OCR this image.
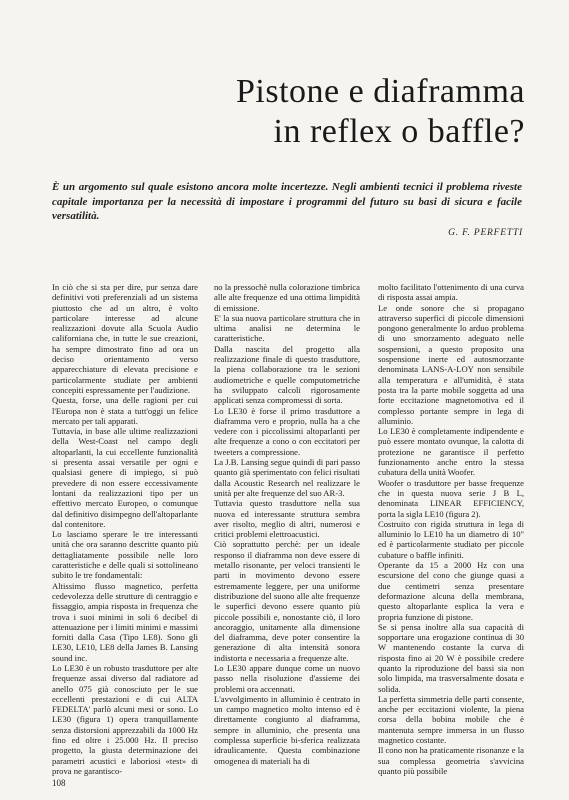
Pistone e diaframma
in reflex o baffle?

È un argomento sul quale esistono ancora molte incertezze. Negli ambienti tecnici il problema riveste capitale importanza per la necessità di impostare i programmi del futuro su basi di sicura e facile versatilità.

G. F. PERFETTI

In ciò che si sta per dire, pur senza dare definitivi voti preferenziali ad un sistema piuttosto che ad un altro, è volto particolare interesse ad alcune realizzazioni dovute alla Scuola Audio californiana che, in tutte le sue creazioni, ha sempre dimostrato fino ad ora un deciso orientamento verso apparecchiature di elevata precisione e particolarmente studiate per ambienti concepiti espressamente per l'audizione.

Questa, forse, una delle ragioni per cui l'Europa non è stata a tutt'oggi un felice mercato per tali apparati.

Tuttavia, in base alle ultime realizzazioni della West-Coast nel campo degli altoparlanti, la cui eccellente funzionalità si presenta assai versatile per ogni e qualsiasi genere di impiego, si può prevedere di non essere eccessivamente lontani da realizzazioni tipo per un effettivo mercato Europeo, o comunque dal definitivo disimpegno dell'altoparlante dal contenitore.

Lo lasciamo sperare le tre interessanti unità che ora saranno descritte quanto più dettagliatamente possibile nelle loro caratteristiche e delle quali si sottolineano subito le tre fondamentali:

Altissimo flusso magnetico, perfetta cedevolezza delle strutture di centraggio e fissaggio, ampia risposta in frequenza che trova i suoi minimi in soli 6 decibel di attenuazione per i limiti minimi e massimi forniti dalla Casa (Tipo LE8). Sono gli LE30, LE10, LE8 della James B. Lansing sound inc.

Lo LE30 è un robusto trasduttore per alte frequenze assai diverso dal radiatore ad anello 075 già conosciuto per le sue eccellenti prestazioni e di cui ALTA FEDELTA' parlò alcuni mesi or sono. Lo LE30 (figura 1) opera tranquillamente senza distorsioni apprezzabili da 1000 Hz fino ed oltre i 25.000 Hz. Il preciso progetto, la giusta determinazione dei parametri acustici e laboriosi «test» di prova ne garantisco-

no la pressochè nulla colorazione timbrica alle alte frequenze ed una ottima limpidità di emissione.

E' la sua nuova particolare struttura che in ultima analisi ne determina le caratteristiche.

Dalla nascita del progetto alla realizzazione finale di questo trasduttore, la piena collaborazione tra le sezioni audiometriche e quelle computometriche ha sviluppato calcoli rigorosamente applicati senza compromessi di sorta.

Lo LE30 è forse il primo trasduttore a diaframma vero e proprio, nulla ha a che vedere con i piccolissimi altoparlanti per alte frequenze a cono o con eccitatori per tweeters a compressione.

La J.B. Lansing segue quindi di pari passo quanto già sperimentato con felici risultati dalla Acoustic Research nel realizzare le unità per alte frequenze del suo AR-3.

Tuttavia questo trasduttore nella sua nuova ed interessante struttura sembra aver risolto, meglio di altri, numerosi e critici problemi elettroacustici.

Ciò soprattutto perchè: per un ideale responso il diaframma non deve essere di metallo risonante, per veloci transienti le parti in movimento devono essere estremamente leggere, per una uniforme distribuzione del suono alle alte frequenze le superfici devono essere quanto più piccole possibili e, nonostante ciò, il loro ancoraggio, unitamente alla dimensione del diaframma, deve poter consentire la generazione di alta intensità sonora indistorta e necessaria a frequenze alte.

Lo LE30 appare dunque come un nuovo passo nella risoluzione d'assieme dei problemi ora accennati.

L'avvolgimento in alluminio è centrato in un campo magnetico molto intenso ed è direttamente congiunto al diaframma, sempre in alluminio, che presenta una complessa superficie bi-sferica realizzata idraulicamente. Questa combinazione omogenea di materiali ha di

molto facilitato l'ottenimento di una curva di risposta assai ampia.

Le onde sonore che si propagano attraverso superfici di piccole dimensioni pongono generalmente lo arduo problema di uno smorzamento adeguato nelle sospensioni, a questo proposito una sospensione inerte ed autosmorzante denominata LANS-A-LOY non sensibile alla temperatura e all'umidità, è stata posta tra la parte mobile soggetta ad una forte eccitazione magnetomotiva ed il complesso portante sempre in lega di alluminio.

Lo LE30 è completamente indipendente e può essere montato ovunque, la calotta di protezione ne garantisce il perfetto funzionamento anche entro la stessa cubatura della unità Woofer.

Woofer o trasduttore per basse frequenze che in questa nuova serie J B L, denominata LINEAR EFFICIENCY, porta la sigla LE10 (figura 2).

Costruito con rigida struttura in lega di alluminio lo LE10 ha un diametro di 10" ed è particolarmente studiato per piccole cubature o baffle infiniti.

Operante da 15 a 2000 Hz con una escursione del cono che giunge quasi a due centimetri senza presentare deformazione alcuna della membrana, questo altoparlante esplica la vera e propria funzione di pistone.

Se si pensa inoltre alla sua capacità di sopportare una erogazione continua di 30 W mantenendo costante la curva di risposta fino ai 20 W è possibile credere quanto la riproduzione del bassi sia non solo limpida, ma trasversalmente dosata e solida.

La perfetta simmetria delle parti consente, anche per eccitazioni violente, la piena corsa della bobina mobile che è mantenuta sempre immersa in un flusso magnetico costante.

Il cono non ha praticamente risonanze e la sua complessa geometria s'avvicina quanto più possibile

108
